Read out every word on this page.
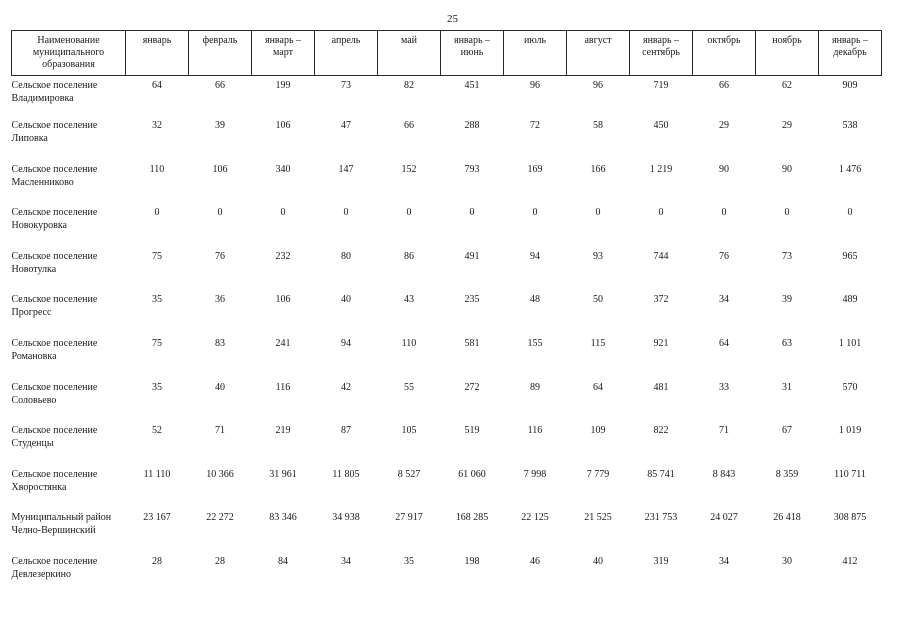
25
Наименование муниципального образования	январь	февраль	январь – март	апрель	май	январь – июнь	июль	август	январь – сентябрь	октябрь	ноябрь	январь – декабрь
Сельское поселение Владимировка	64	66	199	73	82	451	96	96	719	66	62	909
Сельское поселение Липовка	32	39	106	47	66	288	72	58	450	29	29	538
Сельское поселение Масленниково	110	106	340	147	152	793	169	166	1 219	90	90	1 476
Сельское поселение Новокуровка	0	0	0	0	0	0	0	0	0	0	0	0
Сельское поселение Новотулка	75	76	232	80	86	491	94	93	744	76	73	965
Сельское поселение Прогресс	35	36	106	40	43	235	48	50	372	34	39	489
Сельское поселение Романовка	75	83	241	94	110	581	155	115	921	64	63	1 101
Сельское поселение Соловьево	35	40	116	42	55	272	89	64	481	33	31	570
Сельское поселение Студенцы	52	71	219	87	105	519	116	109	822	71	67	1 019
Сельское поселение Хворостянка	11 110	10 366	31 961	11 805	8 527	61 060	7 998	7 779	85 741	8 843	8 359	110 711
Муниципальный район Челно-Вершинский	23 167	22 272	83 346	34 938	27 917	168 285	22 125	21 525	231 753	24 027	26 418	308 875
Сельское поселение Девлезеркино	28	28	84	34	35	198	46	40	319	34	30	412
